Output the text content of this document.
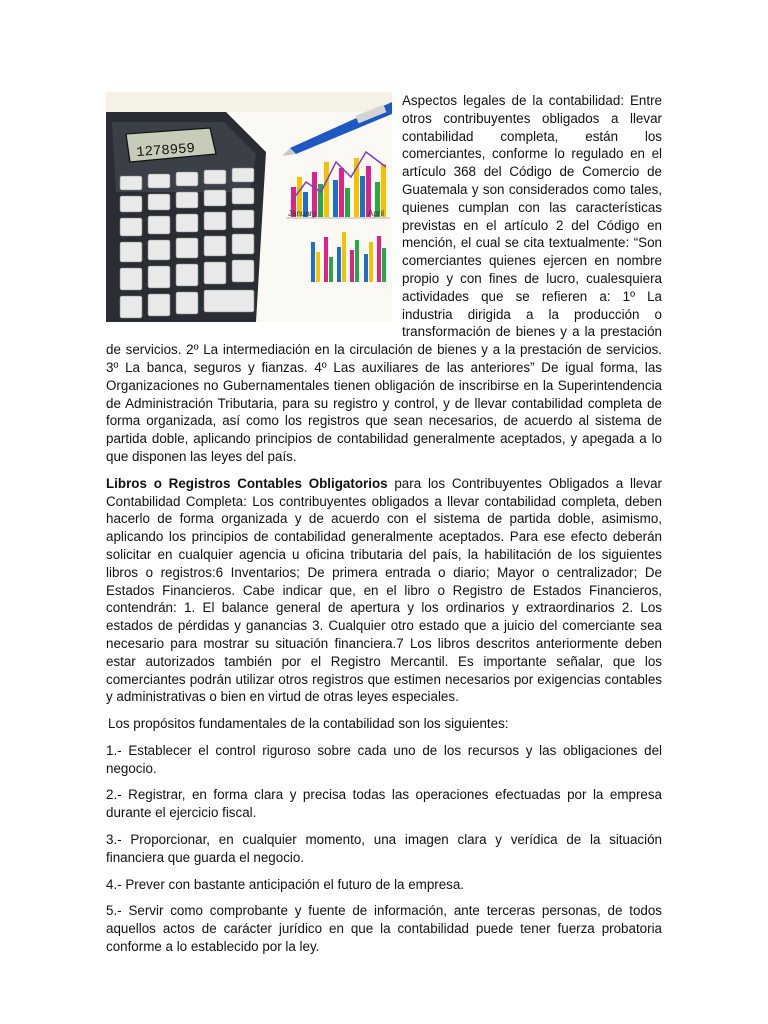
January	April
1278959

Aspectos legales de la contabilidad: Entre otros contribuyentes obligados a llevar contabilidad completa, están los comerciantes, conforme lo regulado en el artículo 368 del Código de Comercio de Guatemala y son considerados como tales, quienes cumplan con las características previstas en el artículo 2 del Código en mención, el cual se cita textualmente: “Son comerciantes quienes ejercen en nombre propio y con fines de lucro, cualesquiera actividades que se refieren a: 1º La industria dirigida a la producción o transformación de bienes y a la prestación de servicios. 2º La intermediación en la circulación de bienes y a la prestación de servicios. 3º La banca, seguros y fianzas. 4º Las auxiliares de las anteriores” De igual forma, las Organizaciones no Gubernamentales tienen obligación de inscribirse en la Superintendencia de Administración Tributaria, para su registro y control, y de llevar contabilidad completa de forma organizada, así como los registros que sean necesarios, de acuerdo al sistema de partida doble, aplicando principios de contabilidad generalmente aceptados, y apegada a lo que disponen las leyes del país.

Libros o Registros Contables Obligatorios para los Contribuyentes Obligados a llevar Contabilidad Completa: Los contribuyentes obligados a llevar contabilidad completa, deben hacerlo de forma organizada y de acuerdo con el sistema de partida doble, asimismo, aplicando los principios de contabilidad generalmente aceptados. Para ese efecto deberán solicitar en cualquier agencia u oficina tributaria del país, la habilitación de los siguientes libros o registros:6 Inventarios; De primera entrada o diario; Mayor o centralizador; De Estados Financieros. Cabe indicar que, en el libro o Registro de Estados Financieros, contendrán: 1. El balance general de apertura y los ordinarios y extraordinarios 2. Los estados de pérdidas y ganancias 3. Cualquier otro estado que a juicio del comerciante sea necesario para mostrar su situación financiera.7 Los libros descritos anteriormente deben estar autorizados también por el Registro Mercantil. Es importante señalar, que los comerciantes podrán utilizar otros registros que estimen necesarios por exigencias contables y administrativas o bien en virtud de otras leyes especiales.

Los propósitos fundamentales de la contabilidad son los siguientes:

1.- Establecer el control riguroso sobre cada uno de los recursos y las obligaciones del negocio.

2.- Registrar, en forma clara y precisa todas las operaciones efectuadas por la empresa durante el ejercicio fiscal.

3.- Proporcionar, en cualquier momento, una imagen clara y verídica de la situación financiera que guarda el negocio.

4.- Prever con bastante anticipación el futuro de la empresa.

5.- Servir como comprobante y fuente de información, ante terceras personas, de todos aquellos actos de carácter jurídico en que la contabilidad puede tener fuerza probatoria conforme a lo establecido por la ley.
